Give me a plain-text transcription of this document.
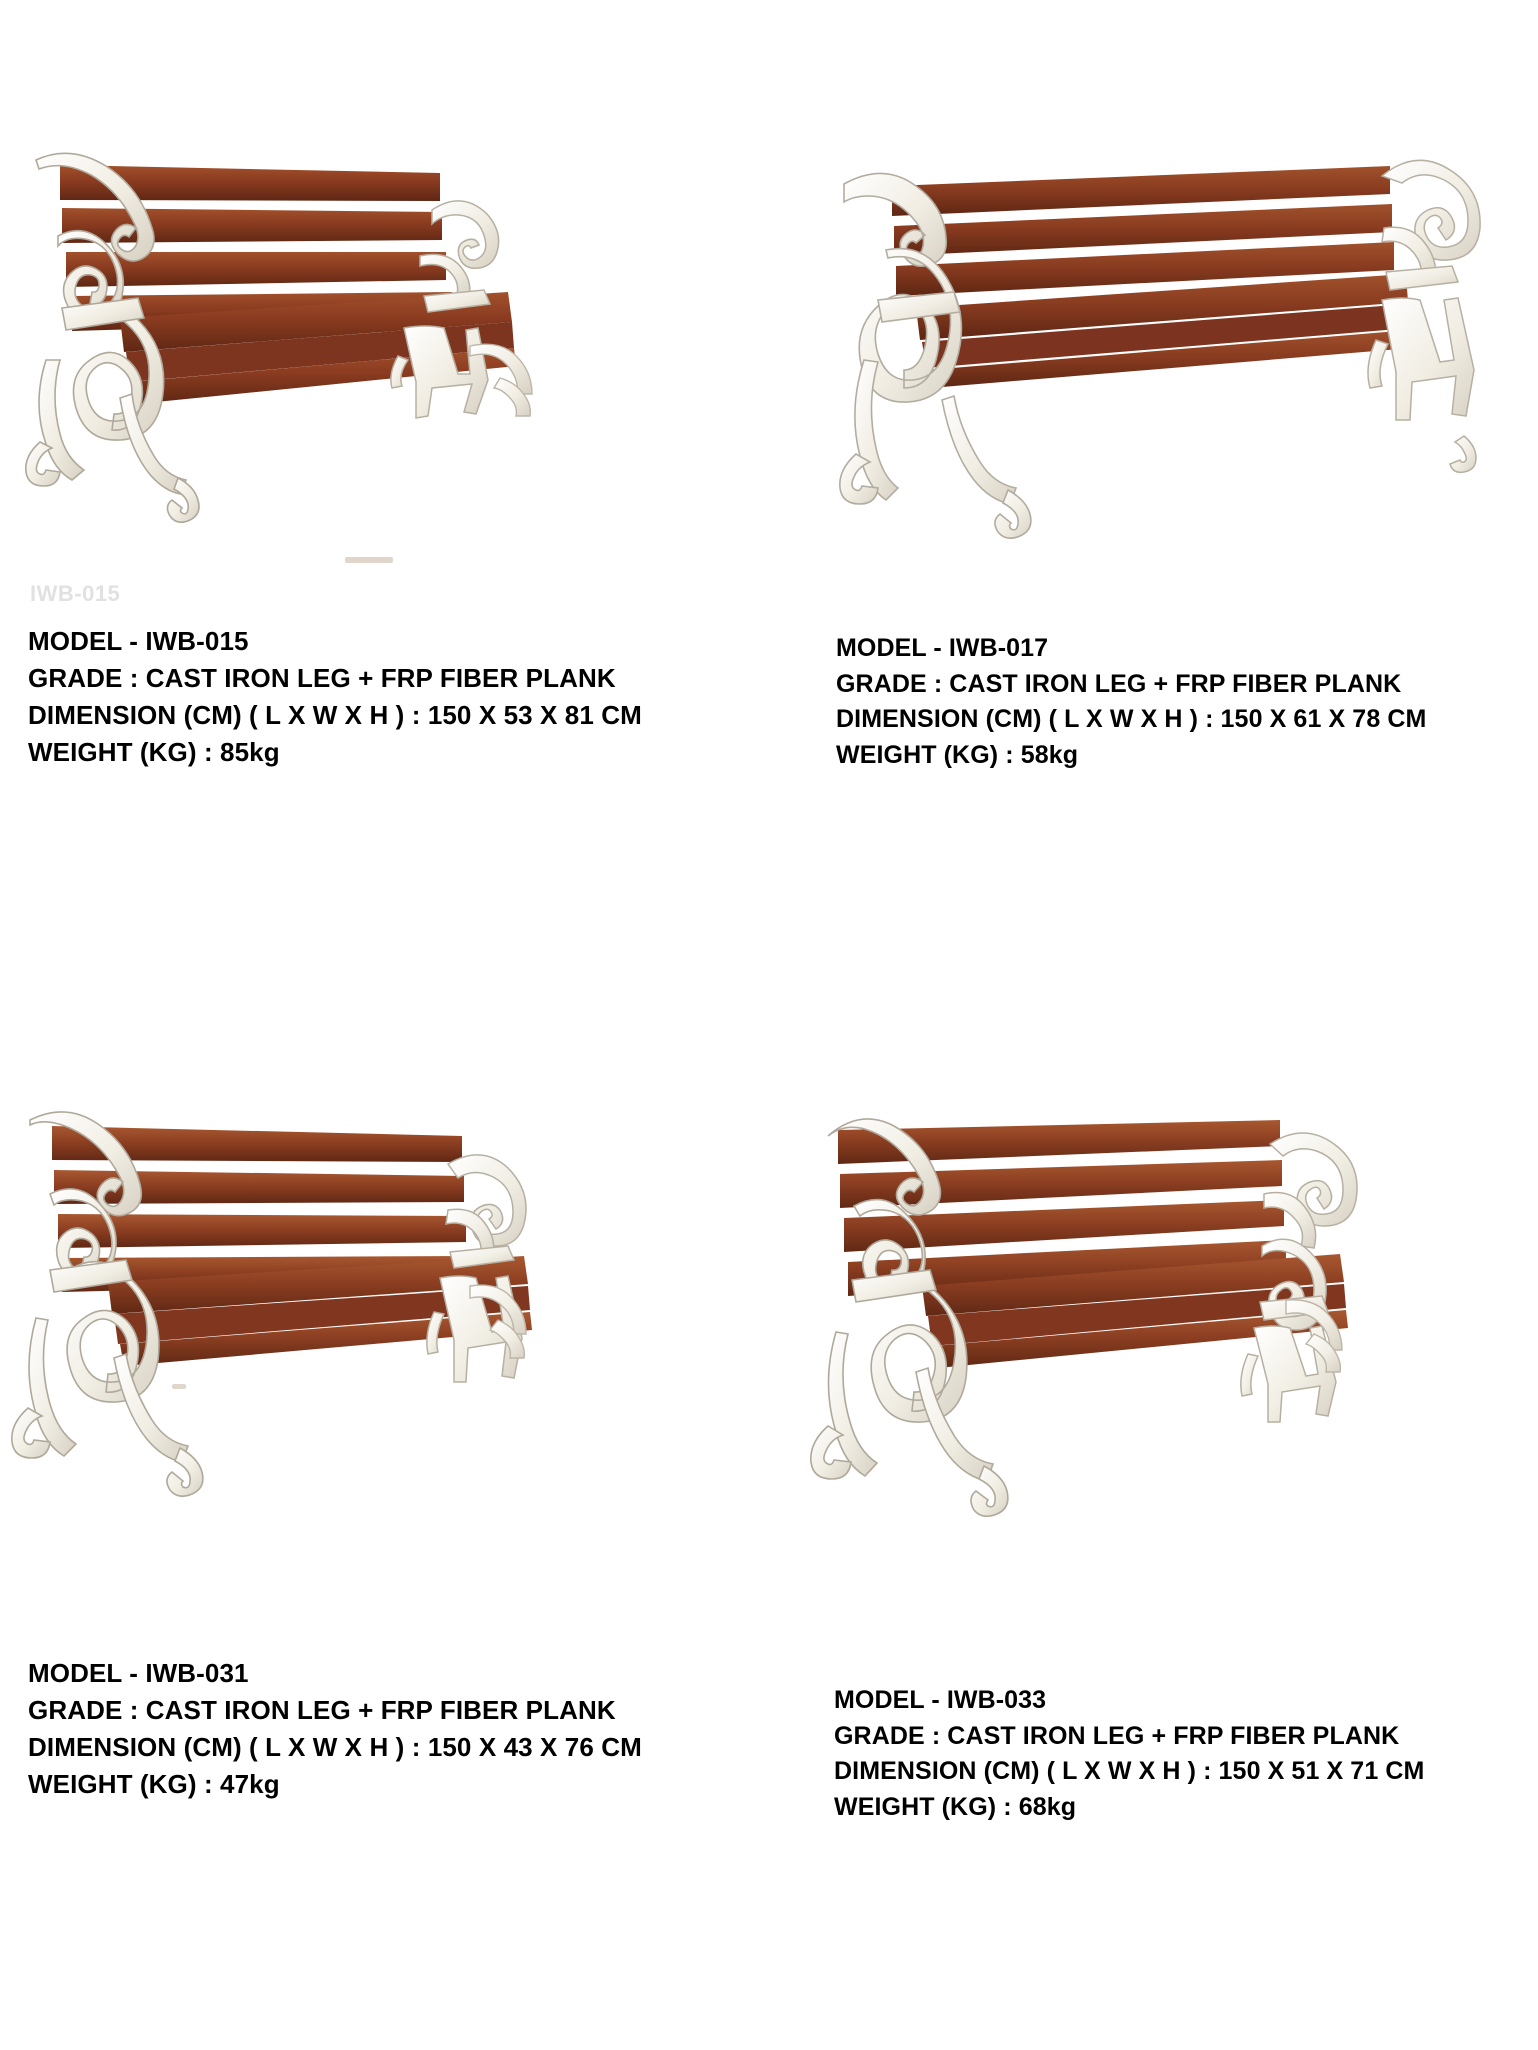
IWB-015
MODEL - IWB-015
GRADE : CAST IRON LEG + FRP FIBER PLANK
DIMENSION (CM) ( L X W X H ) : 150 X 53 X 81 CM
WEIGHT (KG) : 85kg
MODEL - IWB-017
GRADE : CAST IRON LEG + FRP FIBER PLANK
DIMENSION (CM) ( L X W X H ) : 150 X 61 X 78 CM
WEIGHT (KG) : 58kg
MODEL - IWB-031
GRADE : CAST IRON LEG + FRP FIBER PLANK
DIMENSION (CM) ( L X W X H ) : 150 X 43 X 76 CM
WEIGHT (KG) : 47kg
MODEL - IWB-033
GRADE : CAST IRON LEG + FRP FIBER PLANK
DIMENSION (CM) ( L X W X H ) : 150 X 51 X 71 CM
WEIGHT (KG) : 68kg
